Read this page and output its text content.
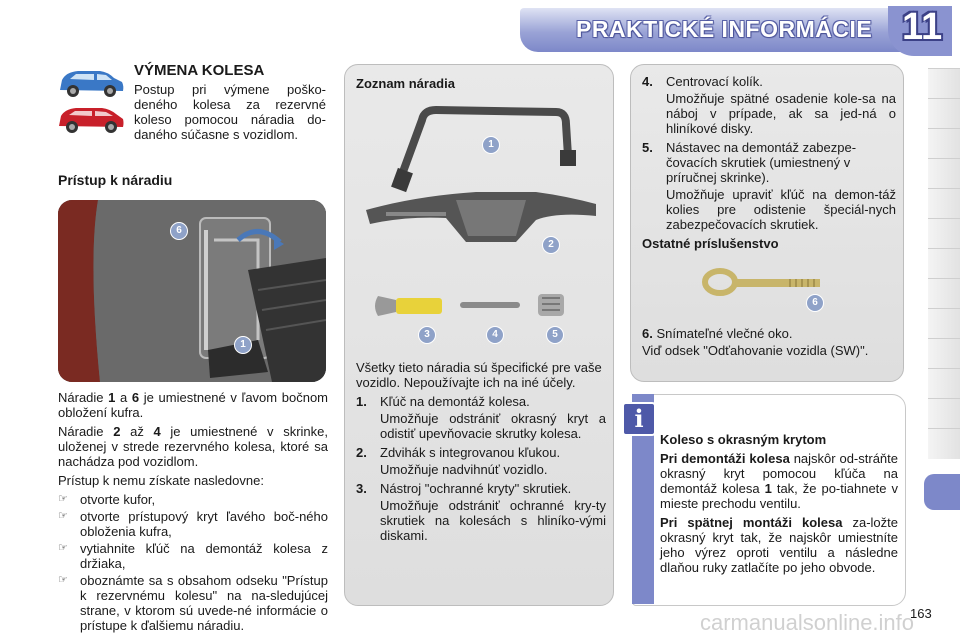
PRAKTICKÉ INFORMÁCIE 11
VÝMENA KOLESA
Postup pri výmene poško-deného kolesa za rezervné koleso pomocou náradia do-daného súčasne s vozidlom.
Prístup k náradiu
6
1

Náradie 1 a 6 je umiestnené v ľavom bočnom obložení kufra.

Náradie 2 až 4 je umiestnené v skrinke, uloženej v strede rezervného kolesa, ktoré sa nachádza pod vozidlom.

Prístup k nemu získate nasledovne:

☞ otvorte kufor,
☞ otvorte prístupový kryt ľavého boč-ného obloženia kufra,
☞ vytiahnite kľúč na demontáž kolesa z držiaka,
☞ oboznámte sa s obsahom odseku "Prístup k rezervnému kolesu" na na-sledujúcej strane, v ktorom sú uvede-né informácie o prístupe k ďalšiemu náradiu.
Zoznam náradia
1
2
3	4	5

Všetky tieto náradia sú špecifické pre vaše vozidlo. Nepoužívajte ich na iné účely.

1.	Kľúč na demontáž kolesa.
Umožňuje odstrániť okrasný kryt a odistiť upevňovacie skrutky kolesa.
2.	Zdvihák s integrovanou kľukou.
Umožňuje nadvihnúť vozidlo.
3.	Nástroj "ochranné kryty" skrutiek.
Umožňuje odstrániť ochranné kry-ty skrutiek na kolesách s hliníko-vými diskami.
4.	Centrovací kolík.
Umožňuje spätné osadenie kole-sa na náboj v prípade, ak sa jed-ná o hliníkové disky.
5.	Nástavec na demontáž zabezpe-čovacích skrutiek (umiestnený v príručnej skrinke).
Umožňuje upraviť kľúč na demon-táž kolies pre odistenie špeciál-nych zabezpečovacích skrutiek.
Ostatné príslušenstvo
6

6. Snímateľné vlečné oko.

Viď odsek "Odťahovanie vozidla (SW)".

i

Koleso s okrasným krytom

Pri demontáži kolesa najskôr od-stráňte okrasný kryt pomocou kľúča na demontáž kolesa 1 tak, že po-tiahnete v mieste prechodu ventilu.

Pri spätnej montáži kolesa za-ložte okrasný kryt tak, že najskôr umiestníte jeho výrez oproti ventilu a následne dlaňou ruky zatlačíte po jeho obvode.

carmanualsonline.info
163
